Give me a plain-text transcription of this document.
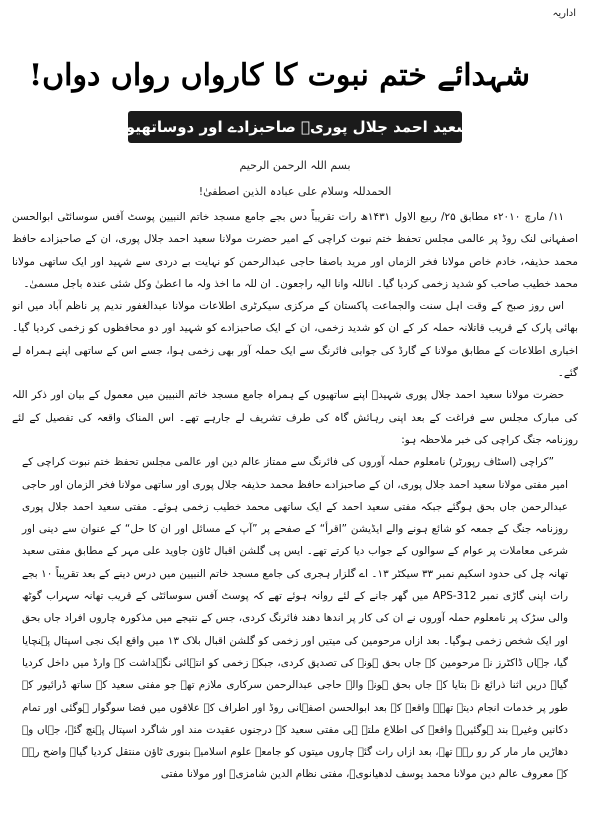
اداریہ
شہدائے ختم نبوت کا کارواں رواں دواں!
حضرت مولانا سعید احمد جلال پوریؒ صاحبزادے اور دوساتھیوں سمیت شہید
بسم اللہ الرحمن الرحیم
الحمدللہ وسلام علی عبادہ الذین اصطفیٰ!

۱۱/ مارچ ۲۰۱۰ء مطابق ۲۵/ ربیع الاول ۱۴۳۱ھ رات تقریباً دس بجے جامع مسجد خاتم النبیین پوسٹ آفس سوسائٹی ابوالحسن اصفہانی لنک روڈ پر عالمی مجلس تحفظ ختم نبوت کراچی کے امیر حضرت مولانا سعید احمد جلال پوری، ان کے صاحبزادے حافظ محمد حذیفہ، خادم خاص مولانا فخر الزماں اور مرید باصفا حاجی عبدالرحمن کو نہایت بے دردی سے شہید اور ایک ساتھی مولانا محمد خطیب صاحب کو شدید زخمی کردیا گیا۔ اناللہ وانا الیہ راجعون۔ ان للہ ما اخذ ولہ ما اعطیٰ وکل شئی عندہ باجل مسمیٰ۔

اس روز صبح کے وقت اہل سنت والجماعت پاکستان کے مرکزی سیکرٹری اطلاعات مولانا عبدالغفور ندیم پر ناظم آباد میں انو بھائی پارک کے قریب قاتلانہ حملہ کر کے ان کو شدید زخمی، ان کے ایک صاحبزادے کو شہید اور دو محافظوں کو زخمی کردیا گیا۔ اخباری اطلاعات کے مطابق مولانا کے گارڈ کی جوابی فائرنگ سے ایک حملہ آور بھی زخمی ہوا، جسے اس کے ساتھی اپنے ہمراہ لے گئے۔

حضرت مولانا سعید احمد جلال پوری شہیدؒ اپنے ساتھیوں کے ہمراہ جامع مسجد خاتم النبیین میں معمول کے بیان اور ذکر اللہ کی مبارک مجلس سے فراغت کے بعد اپنی رہائش گاہ کی طرف تشریف لے جارہے تھے۔ اس المناک واقعہ کی تفصیل کے لئے روزنامہ جنگ کراچی کی خبر ملاحظہ ہو:

”کراچی (اسٹاف رپورٹر) نامعلوم حملہ آوروں کی فائرنگ سے ممتاز عالم دین اور عالمی مجلس تحفظ ختم نبوت کراچی کے امیر مفتی مولانا سعید احمد جلال پوری، ان کے صاحبزادے حافظ محمد حذیفہ جلال پوری اور ساتھی مولانا فخر الزمان اور حاجی عبدالرحمن جاں بحق ہوگئے جبکہ مفتی سعید احمد کے ایک ساتھی محمد خطیب زخمی ہوئے۔ مفتی سعید احمد جلال پوری روزنامہ جنگ کے جمعہ کو شائع ہونے والے ایڈیشن ”اقرأ“ کے صفحے پر ”آپ کے مسائل اور ان کا حل“ کے عنوان سے دینی اور شرعی معاملات پر عوام کے سوالوں کے جواب دیا کرتے تھے۔ ایس پی گلشن اقبال ٹاؤن جاوید علی مہر کے مطابق مفتی سعید تھانہ چل کی حدود اسکیم نمبر ۳۳ سیکٹر ۱۳۔ اے گلزار ہجری کی جامع مسجد خاتم النبیین میں درس دینے کے بعد تقریباً ۱۰ بجے رات اپنی گاڑی نمبر APS-312 میں گھر جانے کے لئے روانہ ہوئے تھے کہ پوسٹ آفس سوسائٹی کے قریب تھانہ سہراب گوٹھ والی سڑک پر نامعلوم حملہ آوروں نے ان کی کار پر اندھا دھند فائرنگ کردی، جس کے نتیجے میں مذکورہ چاروں افراد جاں بحق اور ایک شخص زخمی ہوگیا۔ بعد ازاں مرحومین کی میتیں اور زخمی کو گلشن اقبال بلاک ۱۳ میں واقع ایک نجی اسپتال پہنچایا گیا، جہاں ڈاکٹرز نے مرحومین کے جاں بحق ہونے کی تصدیق کردی، جبکہ زخمی کو انتہائی نگہداشت کے وارڈ میں داخل کردیا گیا۔ دریں اثنا ذرائع نے بتایا کہ جاں بحق ہونے والے حاجی عبدالرحمن سرکاری ملازم تھے جو مفتی سعید کے ساتھ ڈرائیور کے طور پر خدمات انجام دیتے تھے۔ واقعے کے بعد ابوالحسن اصفہانی روڈ اور اطراف کے علاقوں میں فضا سوگوار ہوگئی اور تمام دکانیں وغیرہ بند ہوگئیں۔ واقعے کی اطلاع ملتے ہی مفتی سعید کے درجنوں عقیدت مند اور شاگرد اسپتال پہنچ گئے، جہاں وہ دھاڑیں مار مار کر رو رہے تھے، بعد ازاں رات گئے چاروں میتوں کو جامعہ علوم اسلامیہ بنوری ٹاؤن منتقل کردیا گیا۔ واضح رہے کہ معروف عالم دین مولانا محمد یوسف لدھیانویؒ، مفتی نظام الدین شامزیؒ اور مولانا مفتی
